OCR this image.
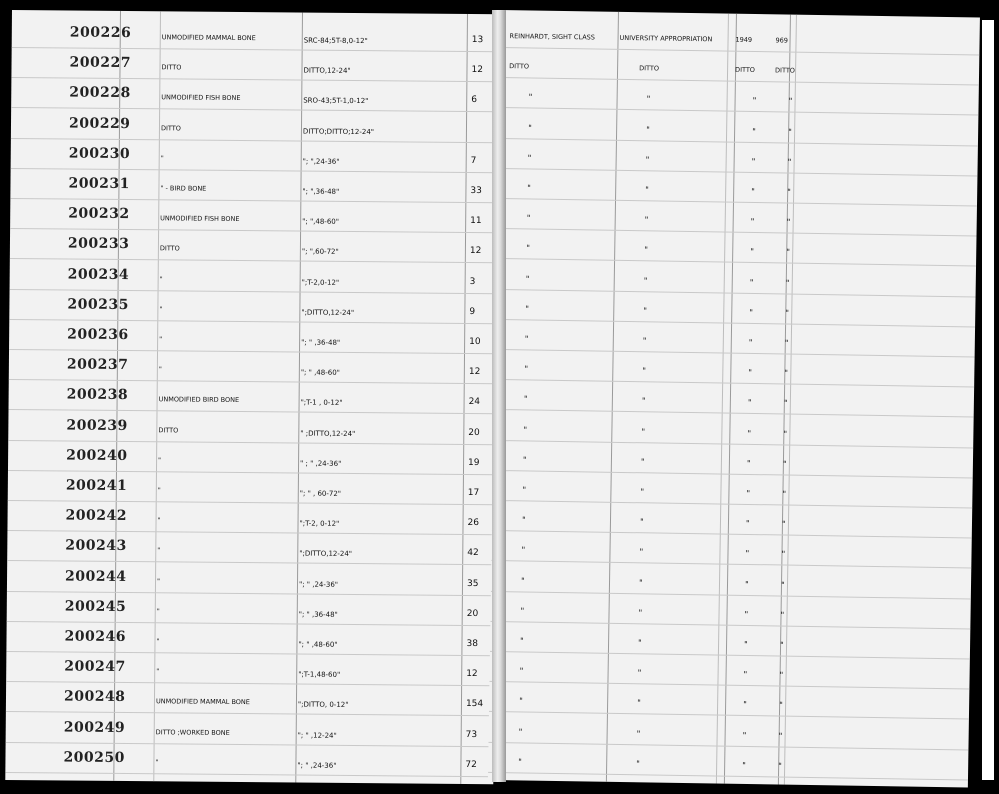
200226	UNMODIFIED MAMMAL BONE	SRC-84;5T-8,0-12"	13
200227	DITTO	DITTO,12-24"	12
200228	UNMODIFIED FISH BONE	SRO-43;5T-1,0-12"	6
200229	DITTO	DITTO;DITTO;12-24"
200230	"	"; ",24-36"	7
200231	" - BIRD BONE	"; ",36-48"	33
200232	UNMODIFIED FISH BONE	"; ",48-60"	11
200233	DITTO	"; ",60-72"	12
200234	"	";T-2,0-12"	3
200235	"	";DITTO,12-24"	9
200236	"	"; " ,36-48"	10
200237	"	"; " ,48-60"	12
200238	UNMODIFIED BIRD BONE	";T-1 , 0-12"	24
200239	DITTO	" ;DITTO,12-24"	20
200240	"	" ; " ,24-36"	19
200241	"	"; " , 60-72"	17
200242	"	";T-2, 0-12"	26
200243	"	";DITTO,12-24"	42
200244	"	"; " ,24-36"	35
200245	"	"; " ,36-48"	20
200246	"	"; " ,48-60"	38
200247	"	";T-1,48-60"	12
200248	UNMODIFIED MAMMAL BONE	";DITTO, 0-12"	154
200249	DITTO ;WORKED BONE	"; " ,12-24"	73
200250	"	"; " ,24-36"	72
REINHARDT, SIGHT CLASS	UNIVERSITY APPROPRIATION	1949	969
DITTO	DITTO	DITTO	DITTO
"	"	"	"
"	"	"	"
"	"	"	"
"	"	"	"
"	"	"	"
"	"	"	"
"	"	"	"
"	"	"	"
"	"	"	"
"	"	"	"
"	"	"	"
"	"	"	"
"	"	"	"
"	"	"	"
"	"	"	"
"	"	"	"
"	"	"	"
"	"	"	"
"	"	"	"
"	"	"	"
"	"	"	"
"	"	"	"
"	"	"	"
